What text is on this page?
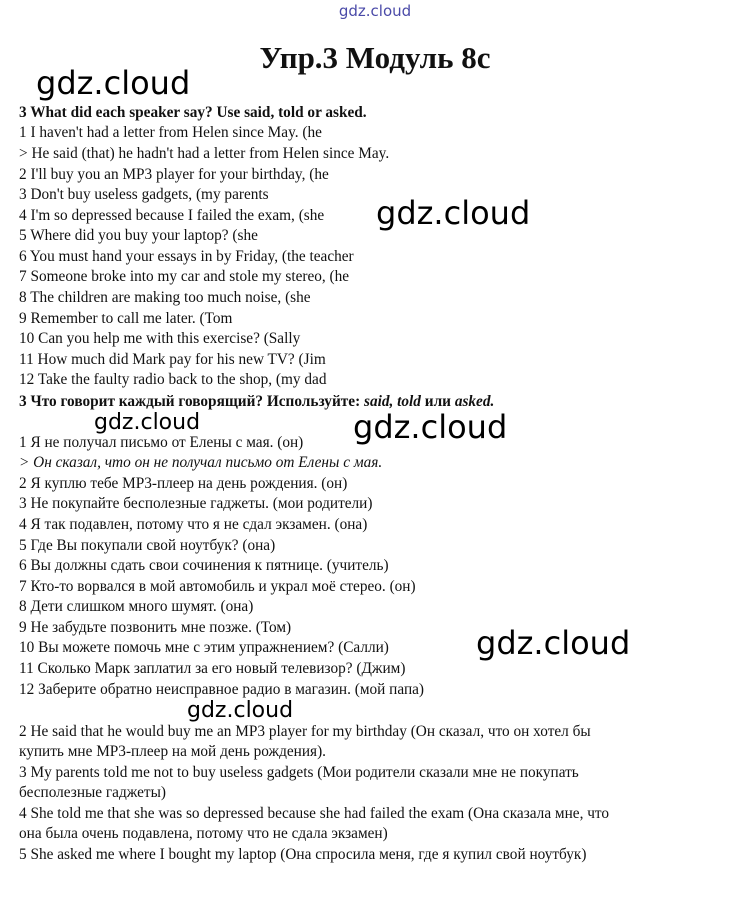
gdz.cloud
gdz.cloud
gdz.cloud
gdz.cloud	gdz.cloud
gdz.cloud
gdz.cloud
Упр.3 Модуль 8с
3 What did each speaker say? Use said, told or asked.
1 I haven't had a letter from Helen since May. (he
> He said (that) he hadn't had a letter from Helen since May.
2 I'll buy you an MP3 player for your birthday, (he
3 Don't buy useless gadgets, (my parents
4 I'm so depressed because I failed the exam, (she
5 Where did you buy your laptop? (she
6 You must hand your essays in by Friday, (the teacher
7 Someone broke into my car and stole my stereo, (he
8 The children are making too much noise, (she
9 Remember to call me later. (Tom
10 Can you help me with this exercise? (Sally
11 How much did Mark pay for his new TV? (Jim
12 Take the faulty radio back to the shop, (my dad
3 Что говорит каждый говорящий? Используйте: said, told или asked.
1 Я не получал письмо от Елены с мая. (он)
> Он сказал, что он не получал письмо от Елены с мая.
2 Я куплю тебе МР3-плеер на день рождения. (он)
3 Не покупайте бесполезные гаджеты. (мои родители)
4 Я так подавлен, потому что я не сдал экзамен. (она)
5 Где Вы покупали свой ноутбук? (она)
6 Вы должны сдать свои сочинения к пятнице. (учитель)
7 Кто-то ворвался в мой автомобиль и украл моё стерео. (он)
8 Дети слишком много шумят. (она)
9 Не забудьте позвонить мне позже. (Том)
10 Вы можете помочь мне с этим упражнением? (Салли)
11 Сколько Марк заплатил за его новый телевизор? (Джим)
12 Заберите обратно неисправное радио в магазин. (мой папа)
2 He said that he would buy me an MP3 player for my birthday (Он сказал, что он хотел бы
купить мне МР3-плеер на мой день рождения).
3 My parents told me not to buy useless gadgets (Мои родители сказали мне не покупать
бесполезные гаджеты)
4 She told me that she was so depressed because she had failed the exam (Она сказала мне, что
она была очень подавлена, потому что не сдала экзамен)
5 She asked me where I bought my laptop (Она спросила меня, где я купил свой ноутбук)
